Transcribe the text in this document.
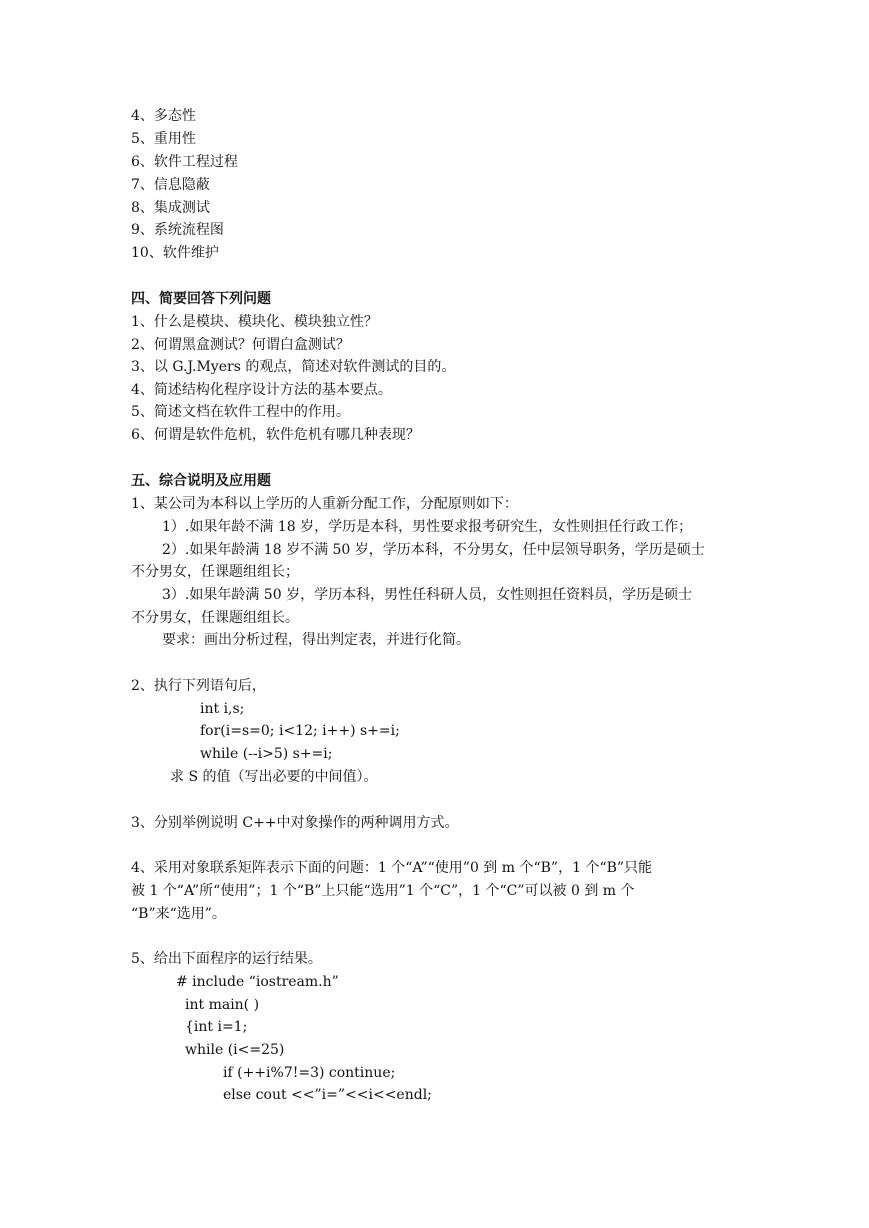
4、多态性
5、重用性
6、软件工程过程
7、信息隐蔽
8、集成测试
9、系统流程图
10、软件维护
四、简要回答下列问题
1、什么是模块、模块化、模块独立性？
2、何谓黑盒测试？何谓白盒测试？
3、以 G.J.Myers 的观点，简述对软件测试的目的。
4、简述结构化程序设计方法的基本要点。
5、简述文档在软件工程中的作用。
6、何谓是软件危机，软件危机有哪几种表现？
五、综合说明及应用题
1、某公司为本科以上学历的人重新分配工作，分配原则如下：
1）.如果年龄不满 18 岁，学历是本科，男性要求报考研究生，女性则担任行政工作；
2）.如果年龄满 18 岁不满 50 岁，学历本科，不分男女，任中层领导职务，学历是硕士
不分男女，任课题组组长；
3）.如果年龄满 50 岁，学历本科，男性任科研人员，女性则担任资料员，学历是硕士
不分男女，任课题组组长。
要求：画出分析过程，得出判定表，并进行化简。
2、执行下列语句后，
int i,s;
for(i=s=0; i<12; i++) s+=i;
while (--i>5) s+=i;
求 S 的值（写出必要的中间值）。
3、分别举例说明 C++中对象操作的两种调用方式。
4、采用对象联系矩阵表示下面的问题：1 个“A”“使用”0 到 m 个“B”，1 个“B”只能
被 1 个“A”所“使用”；1 个“B”上只能“选用”1 个“C”，1 个“C”可以被 0 到 m 个
“B”来“选用”。
5、给出下面程序的运行结果。
# include “iostream.h”
int main( )
{int i=1;
while (i<=25)
if (++i%7!=3) continue;
else cout <<”i=”<<i<<endl;
